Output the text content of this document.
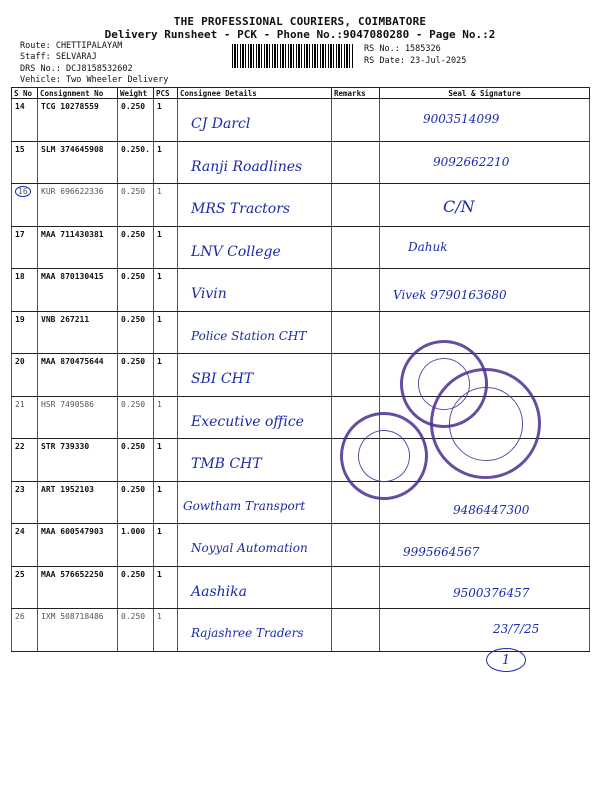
THE PROFESSIONAL COURIERS, COIMBATORE
Delivery Runsheet - PCK - Phone No.:9047080280 - Page No.:2
Route: CHETTIPALAYAM
Staff: SELVARAJ
DRS No.: DCJ8158532602
Vehicle: Two Wheeler Delivery
RS No.: 1585326
RS Date: 23-Jul-2025
S No	Consignment No	Weight	PCS	Consignee Details	Remarks	Seal & Signature
14	TCG 10278559	0.250	1	CJ Darcl		9003514099

15	SLM 374645908	0.250.	1	Ranji Roadlines		9092662210

16	KUR 696622336	0.250	1	MRS Tractors		C/N

17	MAA 711430381	0.250	1	LNV College		Dahuk

18	MAA 870130415	0.250	1	Vivin		Vivek 9790163680

19	VNB 267211	0.250	1	Police Station CHT		

20	MAA 870475644	0.250	1	SBI CHT		

21	HSR 7490586	0.250	1	Executive office		

22	STR 739330	0.250	1	TMB CHT		

23	ART 1952103	0.250	1	Gowtham Transport		9486447300

24	MAA 600547903	1.000	1	Noyyal Automation		9995664567

25	MAA 576652250	0.250	1	Aashika		9500376457

26	IXM 508718486	0.250	1	Rajashree Traders		23/7/25
1
